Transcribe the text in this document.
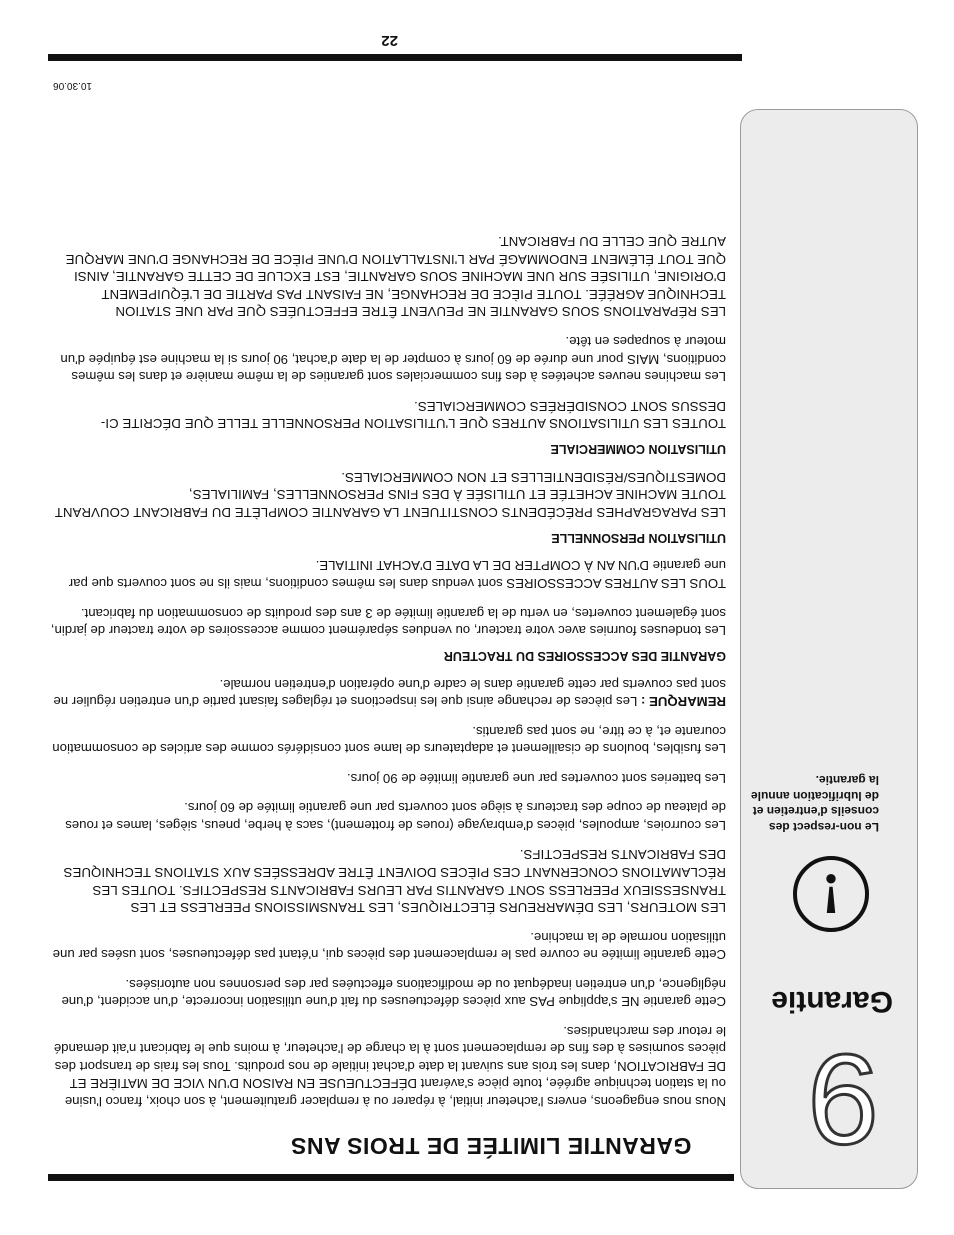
9
Garantie
!
Le non-respect des conseils d'entretien et de lubrification annule la garantie.
GARANTIE LIMITÉE DE TROIS ANS

Nous nous engageons, envers l'acheteur initial, à réparer ou à remplacer gratuitement, à son choix, franco l'usine ou la station technique agréée, toute pièce s'avérant DÉFECTUEUSE EN RAISON D'UN VICE DE MATIÈRE ET DE FABRICATION, dans les trois ans suivant la date d'achat initiale de nos produits. Tous les frais de transport des pièces soumises à des fins de remplacement sont à la charge de l'acheteur, à moins que le fabricant n'ait demandé le retour des marchandises.

Cette garantie NE s'applique PAS aux pièces défectueuses du fait d'une utilisation incorrecte, d'un accident, d'une négligence, d'un entretien inadéquat ou de modifications effectuées par des personnes non autorisées.

Cette garantie limitée ne couvre pas le remplacement des pièces qui, n'étant pas défectueuses, sont usées par une utilisation normale de la machine.

LES MOTEURS, LES DÉMARREURS ÉLECTRIQUES, LES TRANSMISSIONS PEERLESS ET LES TRANSESSIEUX PEERLESS SONT GARANTIS PAR LEURS FABRICANTS RESPECTIFS. TOUTES LES RÉCLAMATIONS CONCERNANT CES PIÈCES DOIVENT ÊTRE ADRESSÉES AUX STATIONS TECHNIQUES DES FABRICANTS RESPECTIFS.

Les courroies, ampoules, pièces d'embrayage (roues de frottement), sacs à herbe, pneus, sièges, lames et roues de plateau de coupe des tracteurs à siège sont couverts par une garantie limitée de 60 jours.

Les batteries sont couvertes par une garantie limitée de 90 jours.

Les fusibles, boulons de cisaillement et adaptateurs de lame sont considérés comme des articles de consommation courante et, à ce titre, ne sont pas garantis.

REMARQUE : Les pièces de rechange ainsi que les inspections et réglages faisant partie d'un entretien régulier ne sont pas couverts par cette garantie dans le cadre d'une opération d'entretien normale.

GARANTIE DES ACCESSOIRES DU TRACTEUR

Les tondeuses fournies avec votre tracteur, ou vendues séparément comme accessoires de votre tracteur de jardin, sont également couvertes, en vertu de la garantie limitée de 3 ans des produits de consommation du fabricant.

TOUS LES AUTRES ACCESSOIRES sont vendus dans les mêmes conditions, mais ils ne sont couverts que par une garantie D'UN AN À COMPTER DE LA DATE D'ACHAT INITIALE.

UTILISATION PERSONNELLE

LES PARAGRAPHES PRÉCÉDENTS CONSTITUENT LA GARANTIE COMPLÈTE DU FABRICANT COUVRANT TOUTE MACHINE ACHETÉE ET UTILISÉE À DES FINS PERSONNELLES, FAMILIALES, DOMESTIQUES/RÉSIDENTIELLES ET NON COMMERCIALES.

UTILISATION COMMERCIALE

TOUTES LES UTILISATIONS AUTRES QUE L'UTILISATION PERSONNELLE TELLE QUE DÉCRITE CI-DESSUS SONT CONSIDÉRÉES COMMERCIALES.

Les machines neuves achetées à des fins commerciales sont garanties de la même manière et dans les mêmes conditions, MAIS pour une durée de 60 jours à compter de la date d'achat, 90 jours si la machine est équipée d'un moteur à soupapes en tête.

LES RÉPARATIONS SOUS GARANTIE NE PEUVENT ÊTRE EFFECTUÉES QUE PAR UNE STATION TECHNIQUE AGRÉÉE. TOUTE PIÈCE DE RECHANGE, NE FAISANT PAS PARTIE DE L'ÉQUIPEMENT D'ORIGINE, UTILISÉE SUR UNE MACHINE SOUS GARANTIE, EST EXCLUE DE CETTE GARANTIE, AINSI QUE TOUT ÉLÉMENT ENDOMMAGÉ PAR L'INSTALLATION D'UNE PIÈCE DE RECHANGE D'UNE MARQUE AUTRE QUE CELLE DU FABRICANT.

10.30.06
22
